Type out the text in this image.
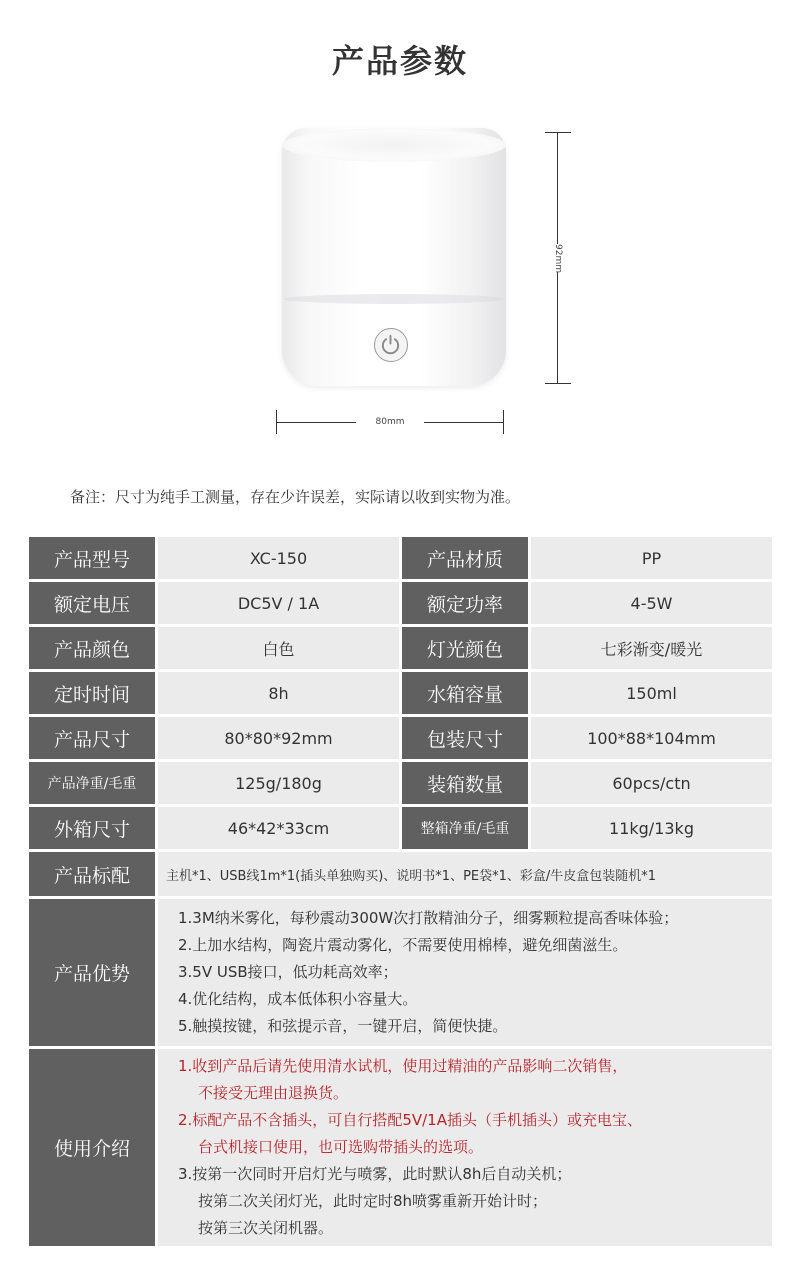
产品参数
92mm
80mm
备注：尺寸为纯手工测量，存在少许误差，实际请以收到实物为准。
产品型号	XC-150	产品材质	PP
额定电压	DC5V / 1A	额定功率	4-5W
产品颜色	白色	灯光颜色	七彩渐变/暖光
定时时间	8h	水箱容量	150ml
产品尺寸	80*80*92mm	包装尺寸	100*88*104mm
产品净重/毛重	125g/180g	装箱数量	60pcs/ctn
外箱尺寸	46*42*33cm	整箱净重/毛重	11kg/13kg
产品标配	主机*1、USB线1m*1(插头单独购买)、说明书*1、PE袋*1、彩盒/牛皮盒包装随机*1
产品优势
1.3M纳米雾化，每秒震动300W次打散精油分子，细雾颗粒提高香味体验；
2.上加水结构，陶瓷片震动雾化，不需要使用棉棒，避免细菌滋生。
3.5V USB接口，低功耗高效率；
4.优化结构，成本低体积小容量大。
5.触摸按键，和弦提示音，一键开启，简便快捷。
使用介绍
1.收到产品后请先使用清水试机，使用过精油的产品影响二次销售，
不接受无理由退换货。
2.标配产品不含插头，可自行搭配5V/1A插头（手机插头）或充电宝、
台式机接口使用，也可选购带插头的选项。
3.按第一次同时开启灯光与喷雾，此时默认8h后自动关机；
按第二次关闭灯光，此时定时8h喷雾重新开始计时；
按第三次关闭机器。
